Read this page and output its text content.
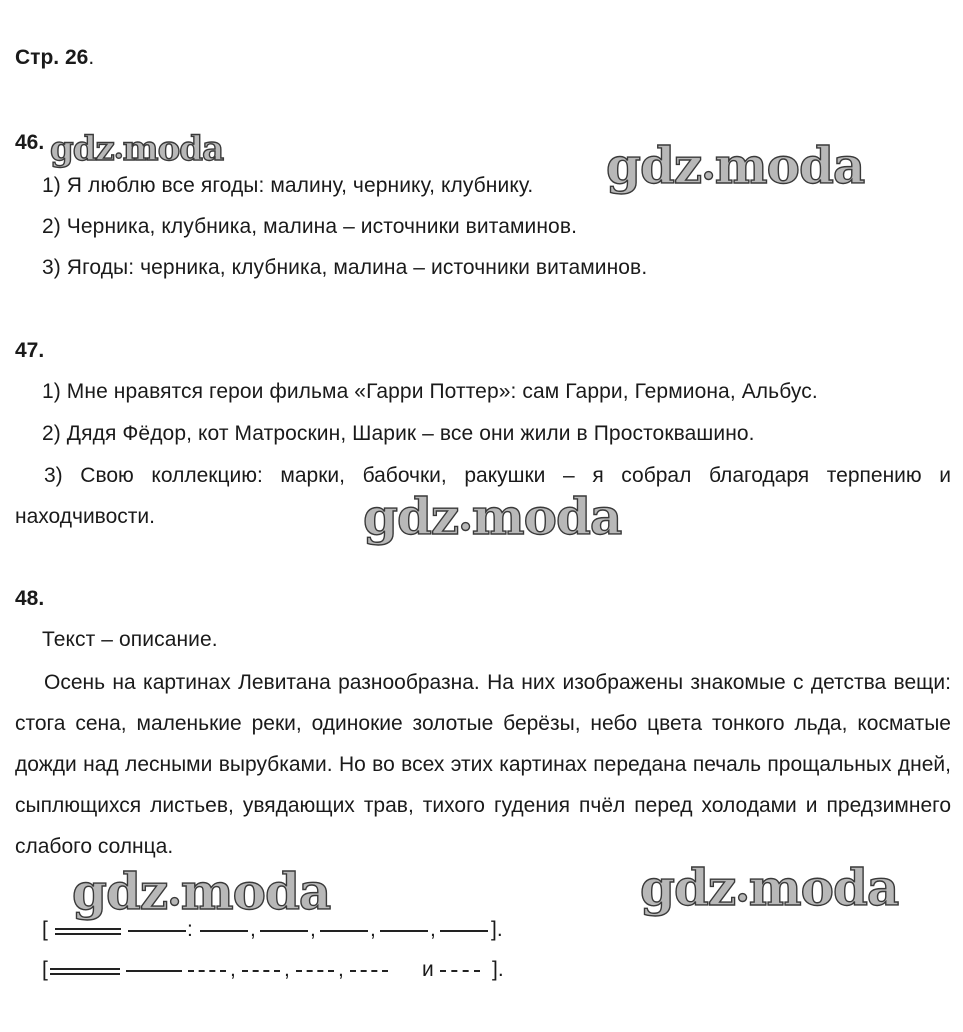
Стр. 26.
46.
1) Я люблю все ягоды: малину, чернику, клубнику.
2) Черника, клубника, малина – источники витаминов.
3) Ягоды: черника, клубника, малина – источники витаминов.
47.
1) Мне нравятся герои фильма «Гарри Поттер»: сам Гарри, Гермиона, Альбус.
2) Дядя Фёдор, кот Матроскин, Шарик – все они жили в Простоквашино.
3) Свою коллекцию: марки, бабочки, ракушки – я собрал благодаря терпению и находчивости.
48.
Текст – описание.
Осень на картинах Левитана разнообразна. На них изображены знакомые с детства вещи: стога сена, маленькие реки, одинокие золотые берёзы, небо цвета тонкого льда, косматые дожди над лесными вырубками. Но во всех этих картинах передана печаль прощальных дней, сыплющихся листьев, увядающих трав, тихого гудения пчёл перед холодами и предзимнего слабого солнца.
gdz•moda	gdz•moda
gdz•moda
gdz•moda	gdz•moda
[	:	,	,	,	,	].
[	, , ,	и	].
